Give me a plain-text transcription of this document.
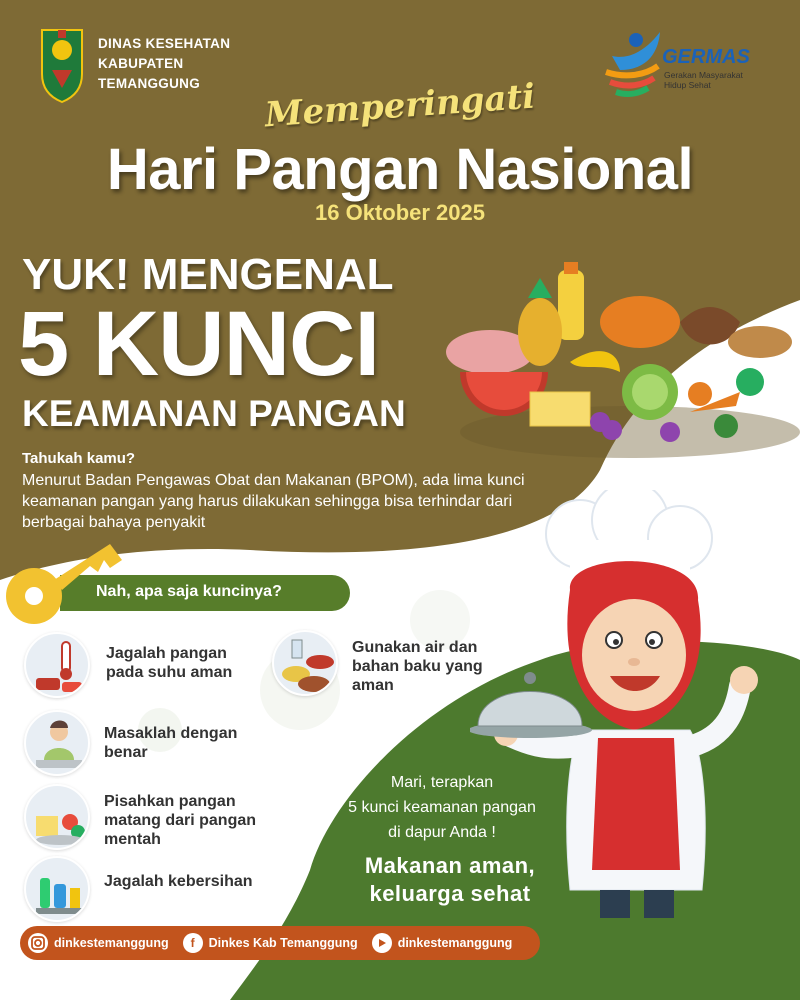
DINAS KESEHATAN
KABUPATEN
TEMANGGUNG
GERMAS
Gerakan Masyarakat
Hidup Sehat
Memperingati
Hari Pangan Nasional
16 Oktober 2025
YUK! MENGENAL
5 KUNCI
KEAMANAN PANGAN
Tahukah kamu?
Menurut Badan Pengawas Obat dan Makanan (BPOM), ada lima kunci keamanan pangan yang harus dilakukan sehingga bisa terhindar dari berbagai bahaya penyakit
Nah, apa saja kuncinya?
Jagalah pangan pada suhu aman
Gunakan air dan bahan baku yang aman
Masaklah dengan benar
Pisahkan pangan matang dari pangan mentah
Jagalah kebersihan
Mari, terapkan
5 kunci keamanan pangan
di dapur Anda !
Makanan aman,
keluarga sehat
dinkestemanggung	f	Dinkes Kab Temanggung	dinkestemanggung
